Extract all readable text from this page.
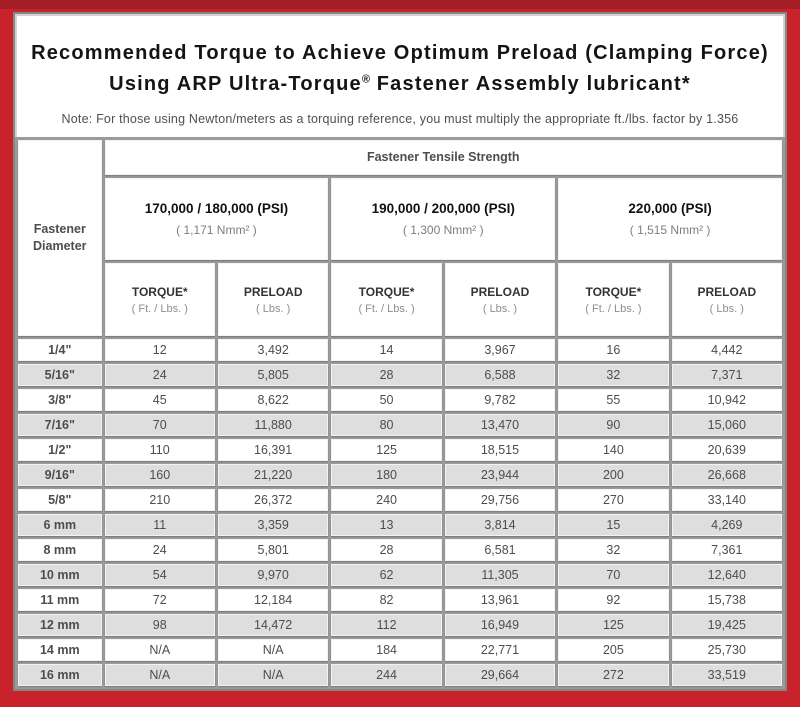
Recommended Torque to Achieve Optimum Preload (Clamping Force)
Using ARP Ultra-Torque® Fastener Assembly lubricant*
Note: For those using Newton/meters as a torquing reference, you must multiply the appropriate ft./lbs. factor by 1.356
Fastener
Diameter	Fastener Tensile Strength					

170,000 / 180,000 (PSI)
( 1,171 Nmm² )

190,000 / 200,000 (PSI)
( 1,300 Nmm² )

220,000 (PSI)
( 1,515 Nmm² )

TORQUE*
( Ft. / Lbs. )

PRELOAD
( Lbs. )

TORQUE*
( Ft. / Lbs. )

PRELOAD
( Lbs. )

TORQUE*
( Ft. / Lbs. )

PRELOAD
( Lbs. )

1/4"	12	3,492	14	3,967	16	4,442
5/16"	24	5,805	28	6,588	32	7,371
3/8"	45	8,622	50	9,782	55	10,942
7/16"	70	11,880	80	13,470	90	15,060
1/2"	110	16,391	125	18,515	140	20,639
9/16"	160	21,220	180	23,944	200	26,668
5/8"	210	26,372	240	29,756	270	33,140
6 mm	11	3,359	13	3,814	15	4,269
8 mm	24	5,801	28	6,581	32	7,361
10 mm	54	9,970	62	11,305	70	12,640
11 mm	72	12,184	82	13,961	92	15,738
12 mm	98	14,472	112	16,949	125	19,425
14 mm	N/A	N/A	184	22,771	205	25,730
16 mm	N/A	N/A	244	29,664	272	33,519
